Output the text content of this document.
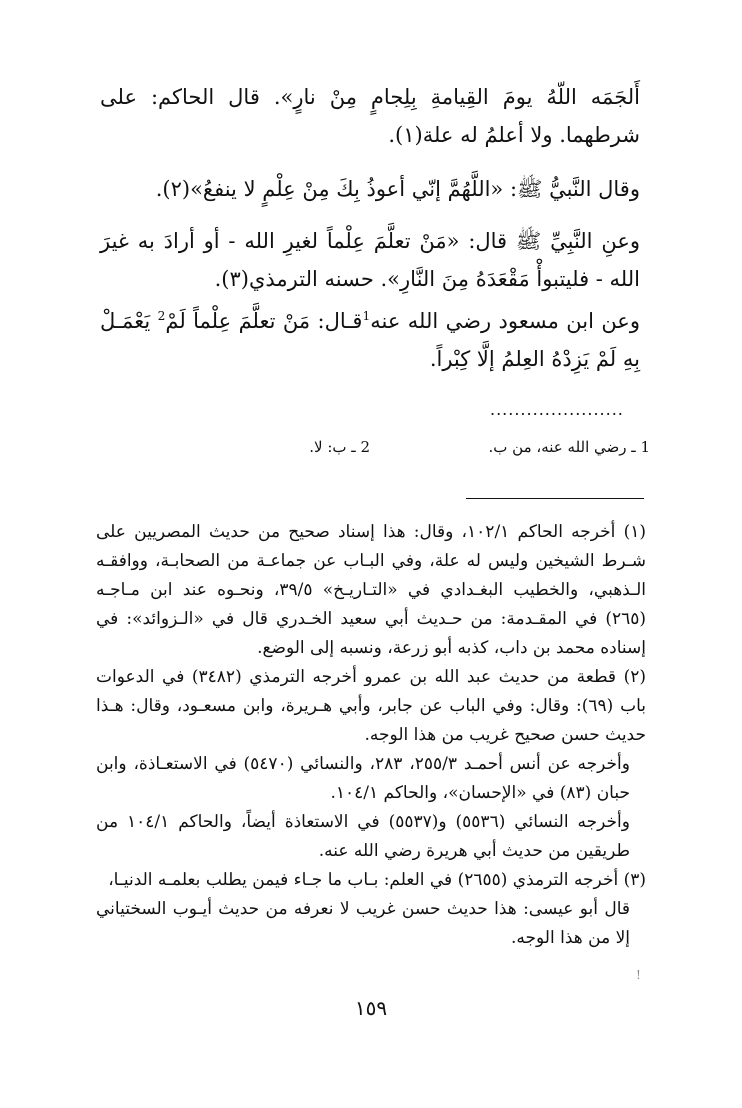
أَلجَمَه اللّهُ يومَ القِيامةِ بِلِجامٍ مِنْ نارٍ». قال الحاكم: على شرطهما. ولا أعلمُ له علة(١).

وقال النَّبيُّ ﷺ: «اللَّهُمَّ إنّي أعوذُ بِكَ مِنْ عِلْمٍ لا ينفعُ»(٢).

وعنِ النَّبِيِّ ﷺ قال: «مَنْ تعلَّمَ عِلْماً لغيرِ الله - أو أرادَ به غيرَ الله - فليتبوأْ مَقْعَدَهُ مِنَ النَّارِ». حسنه الترمذي(٣).

وعن ابن مسعود رضي الله عنه$^1$قـال: مَنْ تعلَّمَ عِلْماً لَمْ$^2$ يَعْمَـلْ بِهِ لَمْ يَزِدْهُ العِلمُ إلَّا كِبْراً.

......................
1 ـ رضي الله عنه، من ب.
2 ـ ب: لا.

(١) أخرجه الحاكم ١٠٢/١، وقال: هذا إسناد صحيح من حديث المصريين على شـرط الشيخين وليس له علة، وفي البـاب عن جماعـة من الصحابـة، ووافقـه الـذهبي، والخطيب البغـدادي في «التـاريـخ» ٣٩/٥، ونحـوه عند ابن مـاجـه (٢٦٥) في المقـدمة: من حـديث أبي سعيد الخـدري قال في «الـزوائد»: في إسناده محمد بن داب، كذبه أبو زرعة، ونسبه إلى الوضع.

(٢) قطعة من حديث عبد الله بن عمرو أخرجه الترمذي (٣٤٨٢) في الدعوات باب (٦٩): وقال: وفي الباب عن جابر، وأبي هـريرة، وابن مسعـود، وقال: هـذا حديث حسن صحيح غريب من هذا الوجه.

وأخرجه عن أنس أحمـد ٢٥٥/٣، ٢٨٣، والنسائي (٥٤٧٠) في الاستعـاذة، وابن حبان (٨٣) في «الإحسان»، والحاكم ١٠٤/١.

وأخرجه النسائي (٥٥٣٦) و(٥٥٣٧) في الاستعاذة أيضاً، والحاكم ١٠٤/١ من طريقين من حديث أبي هريرة رضي الله عنه.

(٣) أخرجه الترمذي (٢٦٥٥) في العلم: بـاب ما جـاء فيمن يطلب بعلمـه الدنيـا،

قال أبو عيسى: هذا حديث حسن غريب لا نعرفه من حديث أيـوب السختياني إلا من هذا الوجه.

!
١٥٩
